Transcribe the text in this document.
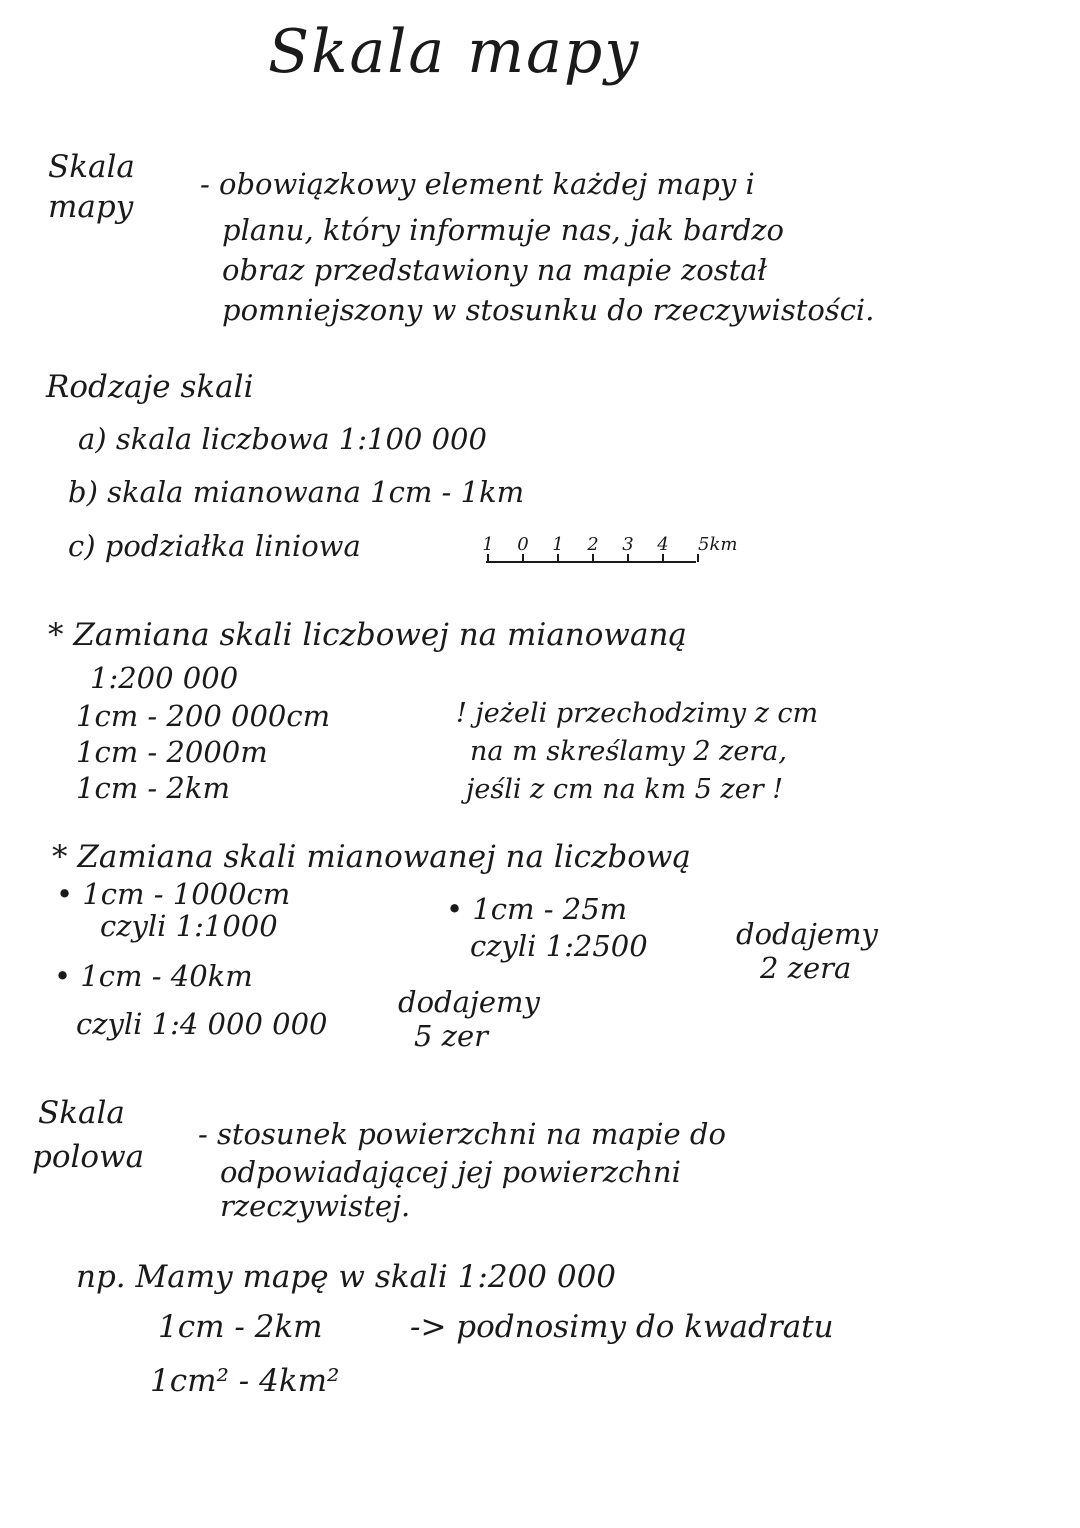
Skala mapy
Skala
mapy
- obowiązkowy element każdej mapy i
planu, który informuje nas, jak bardzo
obraz przedstawiony na mapie został
pomniejszony w stosunku do rzeczywistości.
Rodzaje skali
a) skala liczbowa 1:100 000
b) skala mianowana 1cm - 1km
c) podziałka liniowa	1 0 1 2 3 4 5km
* Zamiana skali liczbowej na mianowaną
1:200 000
1cm - 200 000cm
1cm - 2000m
1cm - 2km
! jeżeli przechodzimy z cm
na m skreślamy 2 zera,
jeśli z cm na km 5 zer !
* Zamiana skali mianowanej na liczbową
• 1cm - 1000cm
czyli 1:1000	• 1cm - 25m
czyli 1:2500	dodajemy
2 zera
• 1cm - 40km
czyli 1:4 000 000
dodajemy
5 zer
Skala
polowa
- stosunek powierzchni na mapie do
odpowiadającej jej powierzchni
rzeczywistej.
np. Mamy mapę w skali 1:200 000
1cm - 2km	-> podnosimy do kwadratu
1cm² - 4km²
